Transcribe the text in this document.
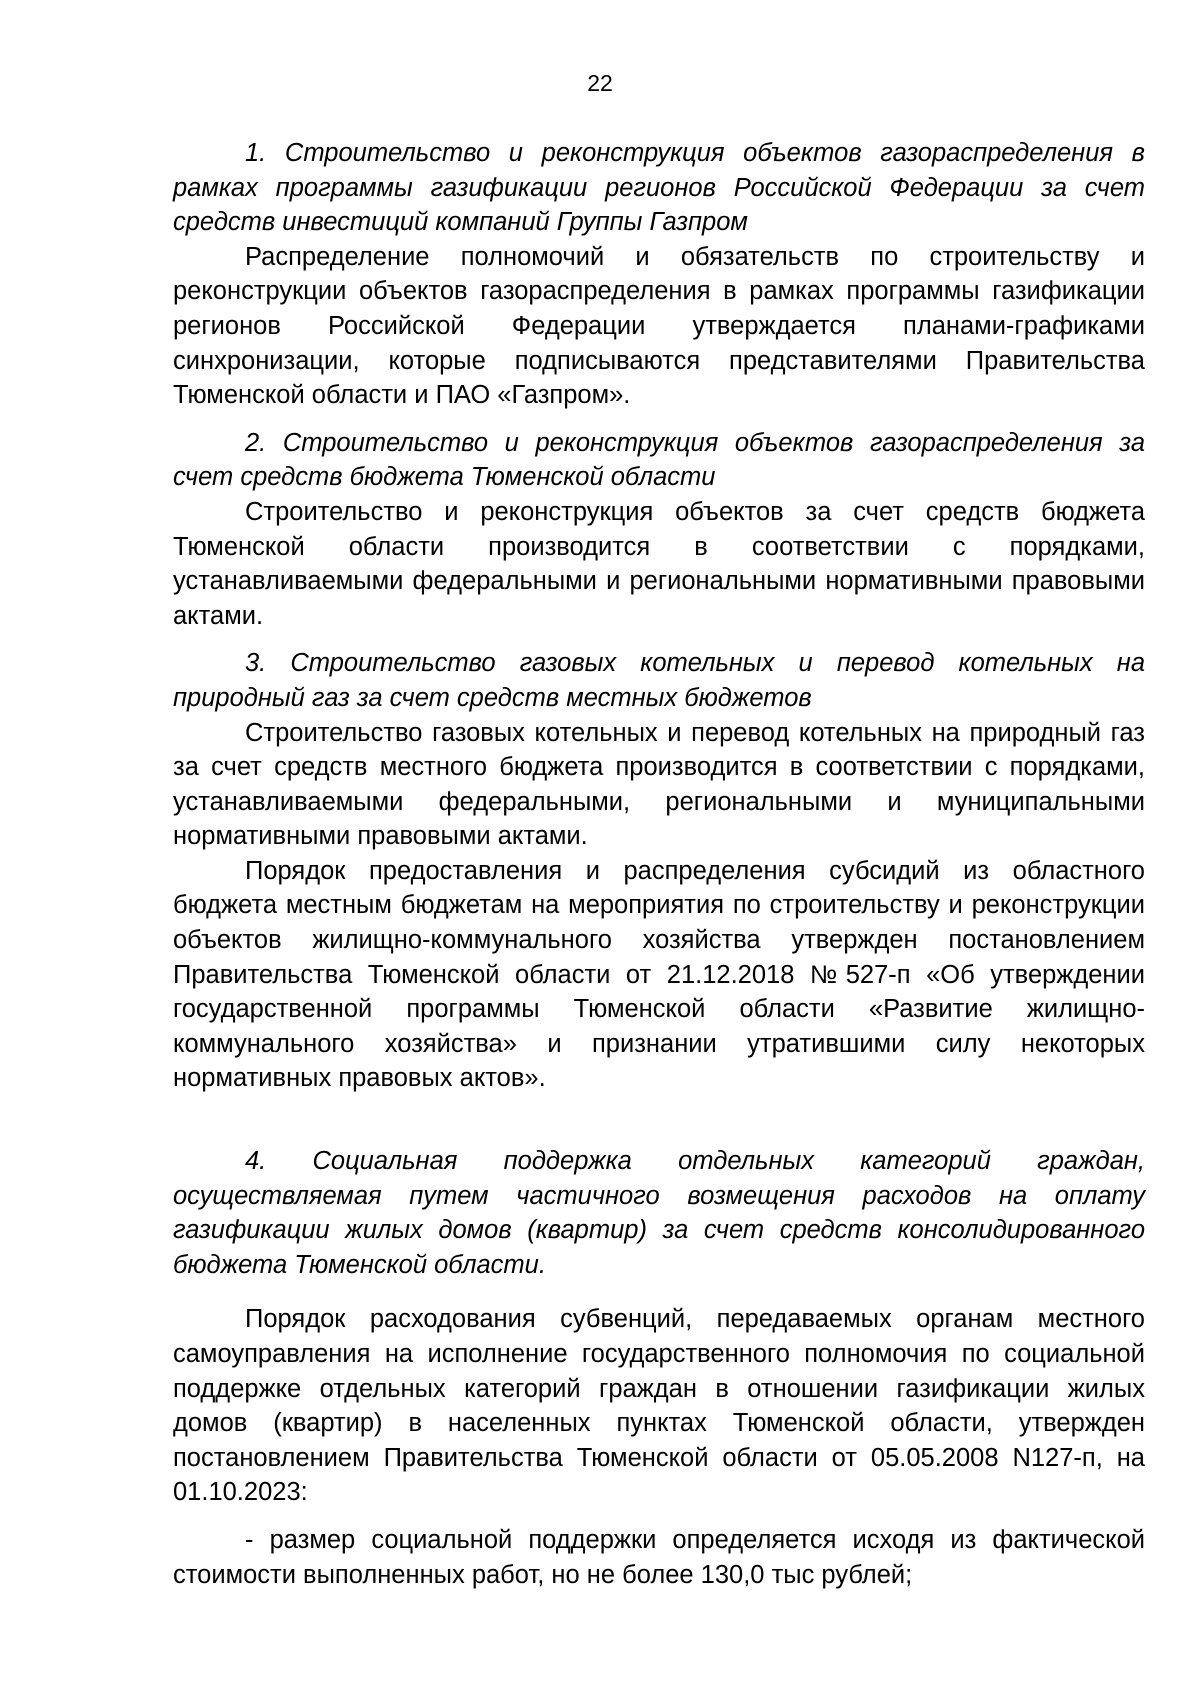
22

1. Строительство и реконструкция объектов газораспределения в рамках программы газификации регионов Российской Федерации за счет средств инвестиций компаний Группы Газпром

Распределение полномочий и обязательств по строительству и реконструкции объектов газораспределения в рамках программы газификации регионов Российской Федерации утверждается планами-графиками синхронизации, которые подписываются представителями Правительства Тюменской области и ПАО «Газпром».

2. Строительство и реконструкция объектов газораспределения за счет средств бюджета Тюменской области

Строительство и реконструкция объектов за счет средств бюджета Тюменской области производится в соответствии с порядками, устанавливаемыми федеральными и региональными нормативными правовыми актами.

3. Строительство газовых котельных и перевод котельных на природный газ за счет средств местных бюджетов

Строительство газовых котельных и перевод котельных на природный газ за счет средств местного бюджета производится в соответствии с порядками, устанавливаемыми федеральными, региональными и муниципальными нормативными правовыми актами.

Порядок предоставления и распределения субсидий из областного бюджета местным бюджетам на мероприятия по строительству и реконструкции объектов жилищно-коммунального хозяйства утвержден постановлением Правительства Тюменской области от 21.12.2018 №527-п «Об утверждении государственной программы Тюменской области «Развитие жилищно-коммунального хозяйства» и признании утратившими силу некоторых нормативных правовых актов».

4. Социальная поддержка отдельных категорий граждан, осуществляемая путем частичного возмещения расходов на оплату газификации жилых домов (квартир) за счет средств консолидированного бюджета Тюменской области.

Порядок расходования субвенций, передаваемых органам местного самоуправления на исполнение государственного полномочия по социальной поддержке отдельных категорий граждан в отношении газификации жилых домов (квартир) в населенных пунктах Тюменской области, утвержден постановлением Правительства Тюменской области от 05.05.2008 N127-п, на 01.10.2023:

- размер социальной поддержки определяется исходя из фактической стоимости выполненных работ, но не более 130,0 тыс рублей;
